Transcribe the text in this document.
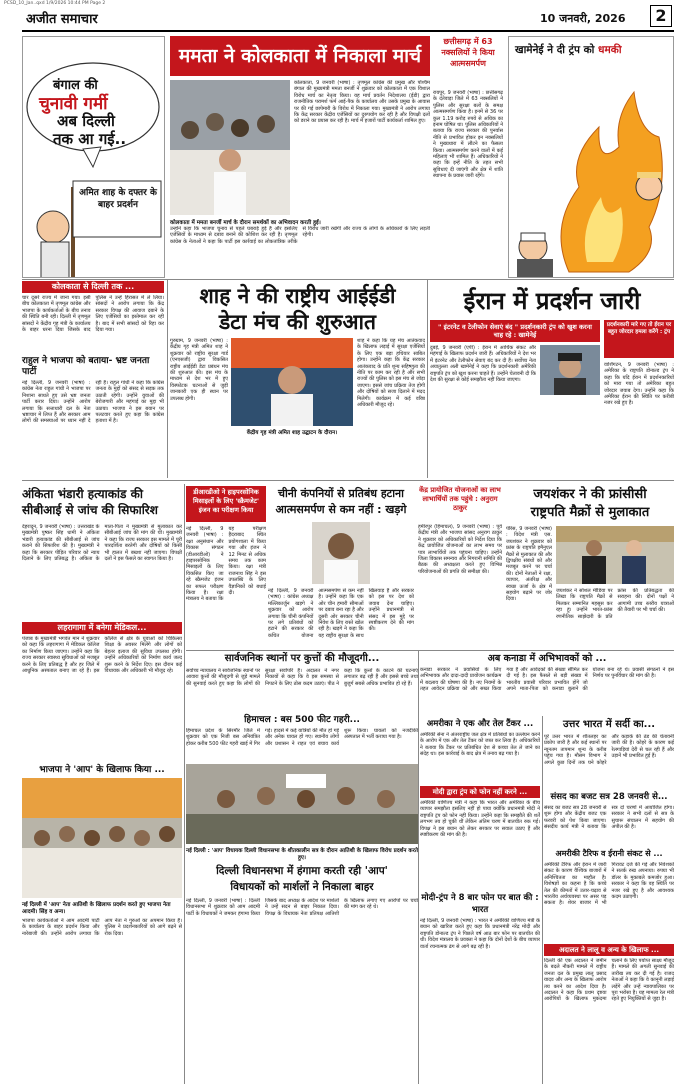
PCSD_10_Jan..qxd 1/9/2026 10:44 PM Page 2
अजीत समाचार	10 जनवरी, 2026	2
बंगाल की
चुनावी गर्मी
अब दिल्ली
तक आ गई..
अमित शाह के दफ्तर के बाहर प्रदर्शन
ममता ने कोलकाता में निकाला मार्च
कोलकाता, 9 जनवरी (भाषा) : तृणमूल कांग्रेस की प्रमुख और पश्चिम बंगाल की मुख्यमंत्री ममता बनर्जी ने शुक्रवार को कोलकाता में एक विशाल विरोध मार्च का नेतृत्व किया। यह मार्च प्रवर्तन निदेशालय (ईडी) द्वारा राजनीतिक परामर्श फर्म आई-पैक के कार्यालय और उसके प्रमुख के आवास पर की गई छापेमारी के विरोध में निकाला गया। मुख्यमंत्री ने आरोप लगाया कि केंद्र सरकार केंद्रीय एजेंसियों का दुरुपयोग कर रही है और विपक्षी दलों को डराने का प्रयास कर रही है। मार्च में हजारों पार्टी कार्यकर्ता शामिल हुए।
कोलकाता में ममता बनर्जी मार्च के दौरान समर्थकों का अभिवादन करती हुईं।
उन्होंने कहा कि भाजपा चुनाव से पहले घबराई हुई है और इसलिए एजेंसियों के माध्यम से दबाव बनाने की कोशिश कर रही है। तृणमूल कांग्रेस के नेताओं ने कहा कि पार्टी इस कार्रवाई का लोकतांत्रिक तरीके से विरोध जारी रखेगी और राज्य के लोगों के अधिकारों के लिए लड़ती रहेगी।
छत्तीसगढ़ में 63 नक्सलियों ने किया आत्मसमर्पण
रायपुर, 9 जनवरी (भाषा) : छत्तीसगढ़ के दंतेवाड़ा जिले में 63 नक्सलियों ने पुलिस और सुरक्षा बलों के समक्ष आत्मसमर्पण किया है। इनमें से 36 पर कुल 1.19 करोड़ रुपये से अधिक का इनाम घोषित था। पुलिस अधिकारियों ने बताया कि राज्य सरकार की पुनर्वास नीति से प्रभावित होकर इन नक्सलियों ने मुख्यधारा में लौटने का फैसला किया। आत्मसमर्पण करने वालों में कई महिलाएं भी शामिल हैं। अधिकारियों ने कहा कि इन्हें नीति के तहत सभी सुविधाएं दी जाएंगी और क्षेत्र में शांति स्थापना के प्रयास जारी रहेंगे।
खामेनेई ने दी ट्रंप को धमकी
कोलकाता से दिल्ली तक ...
चार दूसरे राज्य में जाना गया। इसी बीच कोलकाता में तृणमूल कांग्रेस और भाजपा के कार्यकर्ताओं के बीच तनाव की स्थिति बनी रही। दिल्ली में तृणमूल सांसदों ने केंद्रीय गृह मंत्री के कार्यालय के बाहर धरना दिया जिसके बाद पुलिस ने उन्हें हिरासत में ले लिया। सांसदों ने आरोप लगाया कि केंद्र सरकार विपक्ष की आवाज दबाने के लिए एजेंसियों का इस्तेमाल कर रही है। बाद में सभी सांसदों को रिहा कर दिया गया।
राहुल ने भाजपा को बताया- भ्रष्ट जनता पार्टी
नई दिल्ली, 9 जनवरी (भाषा) : कांग्रेस नेता राहुल गांधी ने भाजपा पर निशाना साधते हुए उसे भ्रष्ट जनता पार्टी करार दिया। उन्होंने आरोप लगाया कि सत्ताधारी दल के नेता भ्रष्टाचार में लिप्त हैं और सरकार आम लोगों की समस्याओं पर ध्यान नहीं दे रही है। राहुल गांधी ने कहा कि कांग्रेस जनता के मुद्दों को संसद से सड़क तक उठाती रहेगी। उन्होंने युवाओं की बेरोजगारी और महंगाई का मुद्दा भी उठाया। भाजपा ने इस बयान पर पलटवार करते हुए कहा कि कांग्रेस हताशा में है।
शाह ने की राष्ट्रीय आईईडी
डेटा मंच की शुरुआत
गुरुग्राम, 9 जनवरी (भाषा) : केंद्रीय गृह मंत्री अमित शाह ने शुक्रवार को राष्ट्रीय सुरक्षा गार्ड (एनएसजी) द्वारा विकसित राष्ट्रीय आईईडी डेटा प्रबंधन मंच की शुरुआत की। इस मंच के माध्यम से देश भर में हुए विस्फोटक घटनाओं से जुड़ी जानकारी एक ही स्थान पर उपलब्ध होगी।
केंद्रीय गृह मंत्री अमित शाह उद्घाटन के दौरान।
शाह ने कहा कि यह मंच आतंकवाद के खिलाफ लड़ाई में सुरक्षा एजेंसियों के लिए एक बड़ा हथियार साबित होगा। उन्होंने कहा कि केंद्र सरकार आतंकवाद के प्रति शून्य सहिष्णुता की नीति पर काम कर रही है और सभी राज्यों की पुलिस को इस मंच से जोड़ा जाएगा। इससे जांच प्रक्रिया तेज होगी और दोषियों को सजा दिलाने में मदद मिलेगी। कार्यक्रम में कई वरिष्ठ अधिकारी मौजूद रहे।
ईरान में प्रदर्शन जारी
" इंटरनेट व टेलीफोन सेवाएं बंद " प्रदर्शनकारी ट्रंप को खुश करना चाह रहे : खामेनेई
दुबई, 9 जनवरी (एपी) : ईरान में आर्थिक संकट और महंगाई के खिलाफ प्रदर्शन जारी हैं। अधिकारियों ने देश भर में इंटरनेट और टेलीफोन सेवाएं बंद कर दी हैं। सर्वोच्च नेता अयातुल्ला अली खामेनेई ने कहा कि प्रदर्शनकारी अमेरिकी राष्ट्रपति ट्रंप को खुश करना चाहते हैं। उन्होंने चेतावनी दी कि देश की सुरक्षा से कोई समझौता नहीं किया जाएगा।
प्रदर्शनकारी मारे गए तो ईरान पर बहुत जोरदार हमला करेंगे : ट्रंप
वाशिंगटन, 9 जनवरी (भाषा) : अमेरिका के राष्ट्रपति डोनाल्ड ट्रंप ने कहा कि यदि ईरान में प्रदर्शनकारियों को मारा गया तो अमेरिका बहुत जोरदार जवाब देगा। उन्होंने कहा कि अमेरिका ईरान की स्थिति पर करीबी नजर रखे हुए है।
अंकिता भंडारी हत्याकांड की सीबीआई से जांच की सिफारिश
देहरादून, 9 जनवरी (भाषा) : उत्तराखंड के मुख्यमंत्री पुष्कर सिंह धामी ने अंकिता भंडारी हत्याकांड की सीबीआई से जांच कराने की सिफारिश की है। मुख्यमंत्री ने कहा कि सरकार पीड़ित परिवार को न्याय दिलाने के लिए प्रतिबद्ध है। अंकिता के माता-पिता ने मुख्यमंत्री से मुलाकात कर सीबीआई जांच की मांग की थी। मुख्यमंत्री ने कहा कि राज्य सरकार इस मामले में पूरी पारदर्शिता बरतेगी और दोषियों को किसी भी हालत में बख्शा नहीं जाएगा। विपक्षी दलों ने इस फैसले का स्वागत किया है।
डीआरडीओ ने हाइपरसोनिक मिसाइलों के लिए 'स्क्रैमजेट' इंजन का परीक्षण किया
नई दिल्ली, 9 जनवरी (भाषा) : रक्षा अनुसंधान और विकास संगठन (डीआरडीओ) ने हाइपरसोनिक मिसाइलों के लिए विकसित किए जा रहे स्क्रैमजेट इंजन का सफल परीक्षण किया है। रक्षा मंत्रालय ने बताया कि यह परीक्षण हैदराबाद स्थित प्रयोगशाला में किया गया और इंजन ने 12 मिनट से अधिक समय तक काम किया। रक्षा मंत्री राजनाथ सिंह ने इस उपलब्धि के लिए वैज्ञानिकों को बधाई दी।
चीनी कंपनियों से प्रतिबंध हटाना
आत्मसमर्पण से कम नहीं : खड़गे
नई दिल्ली, 9 जनवरी (भाषा) : कांग्रेस अध्यक्ष मल्लिकार्जुन खड़गे ने शुक्रवार को आरोप लगाया कि चीनी कंपनियों पर लगे प्रतिबंधों को हटाने की सरकार की कथित योजना आत्मसमर्पण से कम नहीं है। उन्होंने कहा कि एक ओर चीन हमारी सीमाओं पर दबाव बना रहा है और दूसरी ओर सरकार चीनी निवेश के लिए रास्ते खोल रही है। खड़गे ने कहा कि यह राष्ट्रीय सुरक्षा के साथ खिलवाड़ है और सरकार को इस पर देश को जवाब देना चाहिए। उन्होंने प्रधानमंत्री से संसद में इस मुद्दे पर स्पष्टीकरण देने की मांग की।
केंद्र प्रायोजित योजनाओं का लाभ लाभार्थियों तक पहुंचे : अनुराग ठाकुर
हमीरपुर (हिमाचल), 9 जनवरी (भाषा) : पूर्व केंद्रीय मंत्री और भाजपा सांसद अनुराग ठाकुर ने शुक्रवार को अधिकारियों को निर्देश दिया कि केंद्र प्रायोजित योजनाओं का लाभ समय पर पात्र लाभार्थियों तक पहुंचना चाहिए। उन्होंने जिला विकास समन्वय और निगरानी समिति की बैठक की अध्यक्षता करते हुए विभिन्न परियोजनाओं की प्रगति की समीक्षा की।
जयशंकर ने की फ्रांसीसी
राष्ट्रपति मैक्रों से मुलाकात
पेरिस, 9 जनवरी (भाषा) : विदेश मंत्री एस. जयशंकर ने शुक्रवार को फ्रांस के राष्ट्रपति इमैनुएल मैक्रों से मुलाकात की और द्विपक्षीय संबंधों को और मजबूत करने पर चर्चा की। दोनों नेताओं ने रक्षा, व्यापार, अंतरिक्ष और स्वच्छ ऊर्जा के क्षेत्र में सहयोग बढ़ाने पर जोर दिया।
जयशंकर ने सोशल मीडिया पर लिखा कि राष्ट्रपति मैक्रों से मिलकर सम्मानित महसूस कर रहा हूं। उन्होंने भारत-फ्रांस रणनीतिक साझेदारी के प्रति फ्रांस की प्रतिबद्धता की सराहना की। दोनों पक्षों ने आगामी उच्च स्तरीय यात्राओं की तैयारी पर भी चर्चा की।
लहरागागा में बनेगा मेडिकल...
पंजाब के मुख्यमंत्री भगवंत मान ने शुक्रवार को कहा कि लहरागागा में मेडिकल कॉलेज का निर्माण किया जाएगा। उन्होंने कहा कि राज्य सरकार स्वास्थ्य सुविधाओं को मजबूत करने के लिए प्रतिबद्ध है और हर जिले में आधुनिक अस्पताल बनाए जा रहे हैं। इस कॉलेज से क्षेत्र के युवाओं को चिकित्सा शिक्षा के अवसर मिलेंगे और लोगों को बेहतर इलाज की सुविधा उपलब्ध होगी। उन्होंने अधिकारियों को निर्माण कार्य जल्द शुरू करने के निर्देश दिए। इस दौरान कई विधायक और अधिकारी भी मौजूद रहे।
सार्वजनिक स्थानों पर कुत्तों की मौजूदगी...
सर्वोच्च न्यायालय ने सार्वजनिक स्थानों पर आवारा कुत्तों की मौजूदगी से जुड़े मामले की सुनवाई करते हुए कहा कि लोगों की सुरक्षा सर्वोपरि है। अदालत ने नगर निकायों से कहा कि वे इस समस्या से निपटने के लिए ठोस कदम उठाएं। पीठ ने कहा कि कुत्तों के काटने की घटनाएं लगातार बढ़ रही हैं और इससे बच्चे तथा बुजुर्ग सबसे अधिक प्रभावित हो रहे हैं।
हिमाचल : बस 500 फीट गहरी...
हिमाचल प्रदेश के सिरमौर जिले में शुक्रवार को एक निजी बस अनियंत्रित होकर करीब 500 फीट गहरी खाई में गिर गई। हादसे में कई यात्रियों की मौत हो गई और अनेक घायल हो गए। स्थानीय लोगों और प्रशासन ने राहत एवं बचाव कार्य शुरू किया। घायलों को नजदीकी अस्पताल में भर्ती कराया गया है।
भाजपा ने 'आप' के खिलाफ किया ...
नई दिल्ली में 'आप' नेता आतिशी के खिलाफ प्रदर्शन करते हुए भाजपा नेता आदमी। सिंह व अन्य।
भाजपा कार्यकर्ताओं ने आम आदमी पार्टी के कार्यालय के बाहर प्रदर्शन किया और नारेबाजी की। उन्होंने आरोप लगाया कि आप नेता ने गुरुओं का अपमान किया है। पुलिस ने प्रदर्शनकारियों को आगे बढ़ने से रोक दिया।
नई दिल्ली : 'आप' विधायक दिल्ली विधानसभा के शीतकालीन सत्र के दौरान आतिशी के खिलाफ विरोध प्रदर्शन करते हुए।
दिल्ली विधानसभा में हंगामा करती रही 'आप'
विधायकों को मार्शलों ने निकाला बाहर
नई दिल्ली, 9 जनवरी (भाषा) : दिल्ली विधानसभा में शुक्रवार को आम आदमी पार्टी के विधायकों ने जमकर हंगामा किया जिसके बाद अध्यक्ष के आदेश पर मार्शलों ने उन्हें सदन से बाहर निकाल दिया। विपक्ष के विधायक नेता प्रतिपक्ष आतिशी के खिलाफ लगाए गए आरोपों पर चर्चा की मांग कर रहे थे।
अब कनाडा में अभिभावकों को ...
कनाडा सरकार ने प्रवासियों के लिए अभिभावक और दादा-दादी प्रायोजन कार्यक्रम में बदलाव की घोषणा की है। नए नियमों के तहत आवेदन प्रक्रिया को और सख्त किया गया है और आवेदकों की संख्या सीमित कर दी गई है। इस फैसले से बड़ी संख्या में भारतीय प्रवासी परिवार प्रभावित होंगे जो अपने माता-पिता को कनाडा बुलाने की योजना बना रहे थे। प्रवासी संगठनों ने इस निर्णय पर पुनर्विचार की मांग की है।
अमरीका ने एक और तेल टैंकर ...
अमेरिकी सेना ने अंतरराष्ट्रीय जल क्षेत्र में प्रतिबंधों का उल्लंघन करने के आरोप में एक और तेल टैंकर को जब्त कर लिया है। अधिकारियों ने बताया कि टैंकर पर प्रतिबंधित देश से कच्चा तेल ले जाने का संदेह था। इस कार्रवाई के बाद क्षेत्र में तनाव बढ़ गया है।
उत्तर भारत में सर्दी का...
पूरे उत्तर भारत में शीतलहर का प्रकोप जारी है और कई स्थानों पर न्यूनतम तापमान शून्य के करीब पहुंच गया है। मौसम विभाग ने अगले कुछ दिनों तक घने कोहरे और कड़ाके की ठंड की चेतावनी जारी की है। कोहरे के कारण कई रेलगाड़ियां देरी से चल रही हैं और उड़ानें भी प्रभावित हुई हैं।
संसद का बजट सत्र 28 जनवरी से...
संसद का बजट सत्र 28 जनवरी से शुरू होगा और केंद्रीय बजट एक फरवरी को पेश किया जाएगा। संसदीय कार्य मंत्री ने बताया कि सत्र दो चरणों में आयोजित होगा। सरकार ने सभी दलों से सत्र के सुचारू संचालन में सहयोग की अपील की है।
मोदी द्वारा ट्रंप को फोन नहीं करने ...
अमेरिकी वाणिज्य मंत्री ने कहा कि भारत और अमेरिका के बीच व्यापार समझौता इसलिए नहीं हो पाया क्योंकि प्रधानमंत्री मोदी ने राष्ट्रपति ट्रंप को फोन नहीं किया। उन्होंने कहा कि समझौते की शर्तें लगभग तय हो चुकी थीं लेकिन अंतिम चरण में बातचीत रुक गई। विपक्ष ने इस बयान को लेकर सरकार पर सवाल उठाए हैं और स्पष्टीकरण की मांग की है।
अमरीकी टैरिफ व ईरानी संकट से ...
अमेरिकी टैरिफ और ईरान में जारी संकट के कारण वैश्विक बाजारों में अनिश्चितता का माहौल है। विशेषज्ञों का कहना है कि कच्चे तेल की कीमतों में उतार-चढ़ाव से भारतीय अर्थव्यवस्था पर असर पड़ सकता है। शेयर बाजार में भी गिरावट दर्ज की गई और निवेशकों ने सतर्क रुख अपनाया। रुपया भी डॉलर के मुकाबले कमजोर हुआ। सरकार ने कहा कि वह स्थिति पर नजर रखे हुए है और आवश्यक कदम उठाएगी।
मोदी-ट्रंप ने 8 बार फोन पर बात की : भारत
नई दिल्ली, 9 जनवरी (भाषा) : भारत ने अमेरिकी वाणिज्य मंत्री के बयान को खारिज करते हुए कहा कि प्रधानमंत्री नरेंद्र मोदी और राष्ट्रपति डोनाल्ड ट्रंप ने पिछले वर्ष आठ बार फोन पर बातचीत की थी। विदेश मंत्रालय के प्रवक्ता ने कहा कि दोनों देशों के बीच व्यापार वार्ता रचनात्मक ढंग से आगे बढ़ रही है।	अदालत ने लालू व अन्य के खिलाफ ...
दिल्ली की एक अदालत ने जमीन के बदले नौकरी मामले में राष्ट्रीय जनता दल के प्रमुख लालू प्रसाद यादव और अन्य के खिलाफ आरोप तय करने का आदेश दिया है। अदालत ने कहा कि प्रथम दृष्टया आरोपियों के खिलाफ मुकदमा चलाने के लिए पर्याप्त साक्ष्य मौजूद हैं। मामले की अगली सुनवाई की तारीख तय कर दी गई है। राजद नेताओं ने कहा कि वे कानूनी लड़ाई लड़ेंगे और उन्हें न्यायपालिका पर पूरा भरोसा है। यह मामला रेल मंत्री रहते हुए नियुक्तियों से जुड़ा है।
